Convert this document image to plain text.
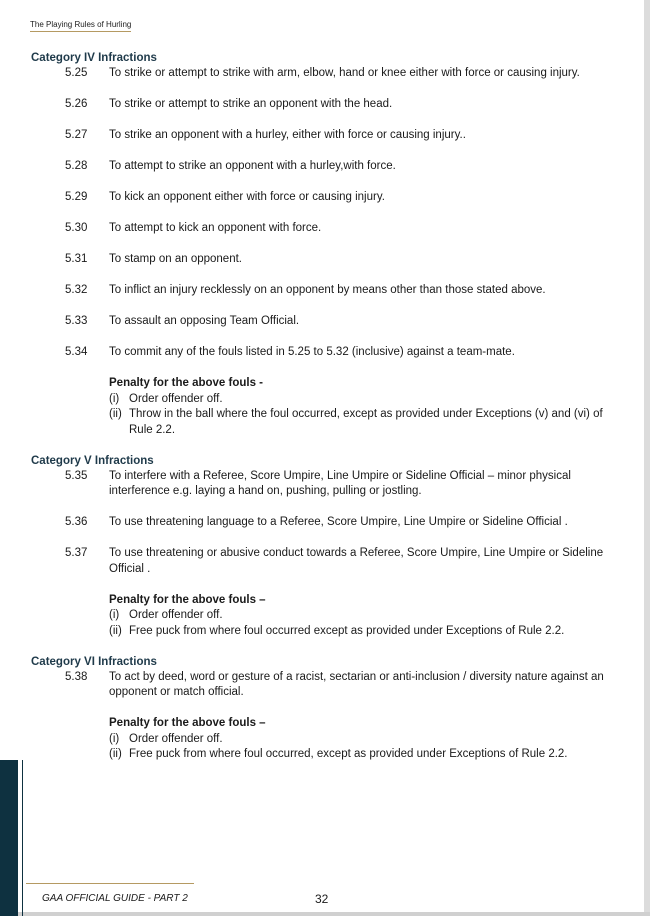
The Playing Rules of Hurling
Category IV Infractions
5.25	To strike or attempt to strike with arm, elbow, hand or knee either with force or causing injury.
5.26	To strike or attempt to strike an opponent with the head.
5.27	To strike an opponent with a hurley, either with force or causing injury..
5.28	To attempt to strike an opponent with a hurley,with force.
5.29	To kick an opponent either with force or causing injury.
5.30	To attempt to kick an opponent with force.
5.31	To stamp on an opponent.
5.32	To inflict an injury recklessly on an opponent by means other than those stated above.
5.33	To assault an opposing Team Official.
5.34	To commit any of the fouls listed in 5.25 to 5.32 (inclusive) against a team-mate.
Penalty for the above fouls -
(i) Order offender off.
(ii) Throw in the ball where the foul occurred, except as provided under Exceptions (v) and (vi) of Rule 2.2.
Category V Infractions
5.35	To interfere with a Referee, Score Umpire, Line Umpire or Sideline Official – minor physical interference e.g. laying a hand on, pushing, pulling or jostling.
5.36	To use threatening language to a Referee, Score Umpire, Line Umpire or Sideline Official .
5.37	To use threatening or abusive conduct towards a Referee, Score Umpire, Line Umpire or Sideline Official .
Penalty for the above fouls –
(i) Order offender off.
(ii) Free puck from where foul occurred except as provided under Exceptions of Rule 2.2.
Category VI Infractions
5.38	To act by deed, word or gesture of a racist, sectarian or anti-inclusion / diversity nature against an opponent or match official.
Penalty for the above fouls –
(i) Order offender off.
(ii) Free puck from where foul occurred, except as provided under Exceptions of Rule 2.2.
GAA OFFICIAL GUIDE - PART 2	32
